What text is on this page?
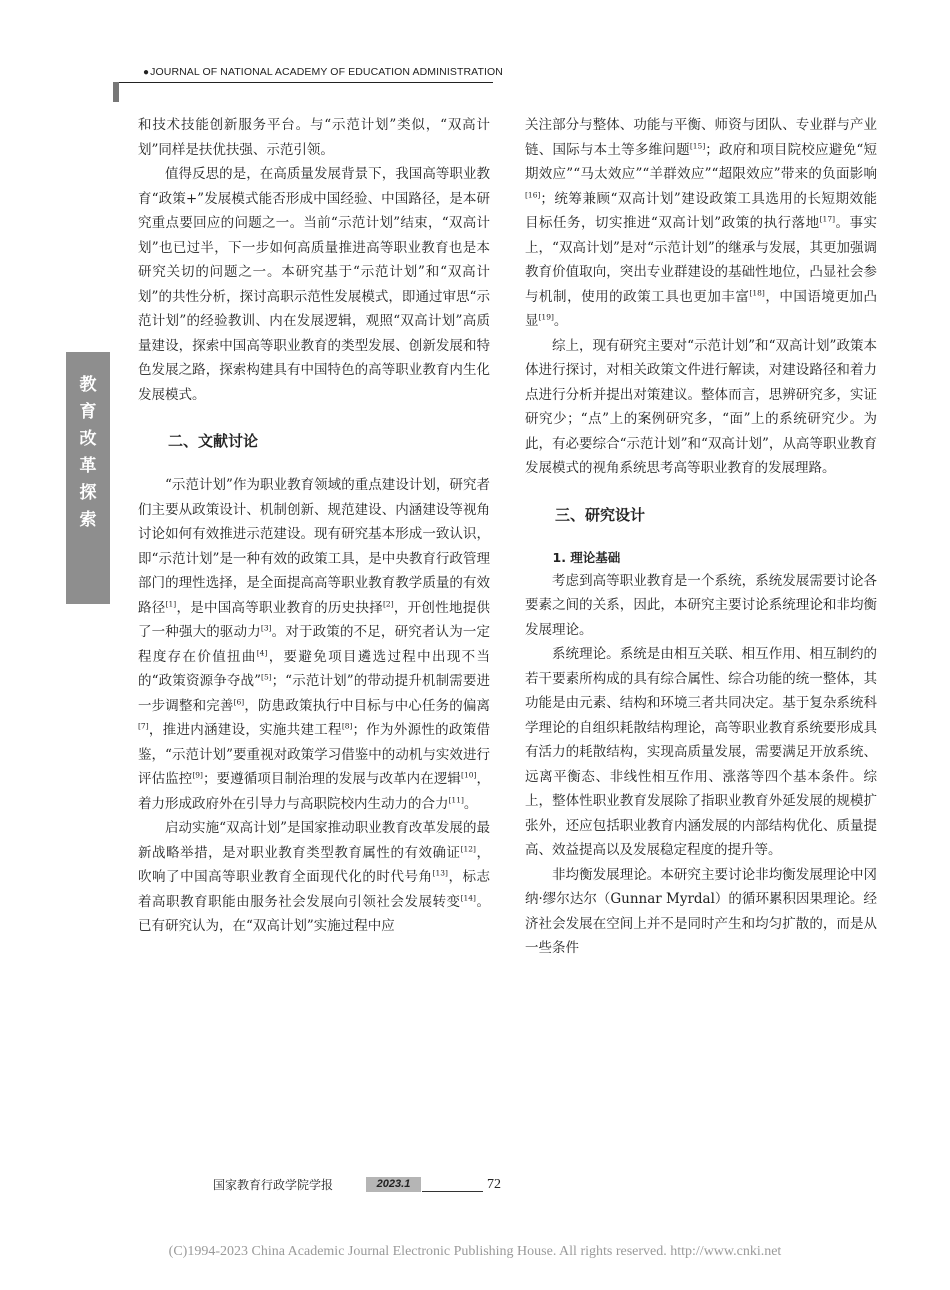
●JOURNAL OF NATIONAL ACADEMY OF EDUCATION ADMINISTRATION
教
育
改
革
探
索

和技术技能创新服务平台。与“示范计划”类似，“双高计划”同样是扶优扶强、示范引领。

值得反思的是，在高质量发展背景下，我国高等职业教育“政策+”发展模式能否形成中国经验、中国路径，是本研究重点要回应的问题之一。当前“示范计划”结束，“双高计划”也已过半，下一步如何高质量推进高等职业教育也是本研究关切的问题之一。本研究基于“示范计划”和“双高计划”的共性分析，探讨高职示范性发展模式，即通过审思“示范计划”的经验教训、内在发展逻辑，观照“双高计划”高质量建设，探索中国高等职业教育的类型发展、创新发展和特色发展之路，探索构建具有中国特色的高等职业教育内生化发展模式。

二、文献讨论

“示范计划”作为职业教育领域的重点建设计划，研究者们主要从政策设计、机制创新、规范建设、内涵建设等视角讨论如何有效推进示范建设。现有研究基本形成一致认识，即“示范计划”是一种有效的政策工具，是中央教育行政管理部门的理性选择，是全面提高高等职业教育教学质量的有效路径[1]，是中国高等职业教育的历史抉择[2]，开创性地提供了一种强大的驱动力[3]。对于政策的不足，研究者认为一定程度存在价值扭曲[4]，要避免项目遴选过程中出现不当的“政策资源争夺战”[5]；“示范计划”的带动提升机制需要进一步调整和完善[6]，防患政策执行中目标与中心任务的偏离[7]，推进内涵建设，实施共建工程[8]；作为外源性的政策借鉴，“示范计划”要重视对政策学习借鉴中的动机与实效进行评估监控[9]；要遵循项目制治理的发展与改革内在逻辑[10]，着力形成政府外在引导力与高职院校内生动力的合力[11]。

启动实施“双高计划”是国家推动职业教育改革发展的最新战略举措，是对职业教育类型教育属性的有效确证[12]，吹响了中国高等职业教育全面现代化的时代号角[13]，标志着高职教育职能由服务社会发展向引领社会发展转变[14]。已有研究认为，在“双高计划”实施过程中应

关注部分与整体、功能与平衡、师资与团队、专业群与产业链、国际与本土等多维问题[15]；政府和项目院校应避免“短期效应”“马太效应”“羊群效应”“超限效应”带来的负面影响[16]；统筹兼顾“双高计划”建设政策工具选用的长短期效能目标任务，切实推进“双高计划”政策的执行落地[17]。事实上，“双高计划”是对“示范计划”的继承与发展，其更加强调教育价值取向，突出专业群建设的基础性地位，凸显社会参与机制，使用的政策工具也更加丰富[18]，中国语境更加凸显[19]。

综上，现有研究主要对“示范计划”和“双高计划”政策本体进行探讨，对相关政策文件进行解读，对建设路径和着力点进行分析并提出对策建议。整体而言，思辨研究多，实证研究少；“点”上的案例研究多，“面”上的系统研究少。为此，有必要综合“示范计划”和“双高计划”，从高等职业教育发展模式的视角系统思考高等职业教育的发展理路。

三、研究设计
1. 理论基础

考虑到高等职业教育是一个系统，系统发展需要讨论各要素之间的关系，因此，本研究主要讨论系统理论和非均衡发展理论。

系统理论。系统是由相互关联、相互作用、相互制约的若干要素所构成的具有综合属性、综合功能的统一整体，其功能是由元素、结构和环境三者共同决定。基于复杂系统科学理论的自组织耗散结构理论，高等职业教育系统要形成具有活力的耗散结构，实现高质量发展，需要满足开放系统、远离平衡态、非线性相互作用、涨落等四个基本条件。综上，整体性职业教育发展除了指职业教育外延发展的规模扩张外，还应包括职业教育内涵发展的内部结构优化、质量提高、效益提高以及发展稳定程度的提升等。

非均衡发展理论。本研究主要讨论非均衡发展理论中冈纳·缪尔达尔（Gunnar Myrdal）的循环累积因果理论。经济社会发展在空间上并不是同时产生和均匀扩散的，而是从一些条件

国家教育行政学院学报	2023.1	72
(C)1994-2023 China Academic Journal Electronic Publishing House. All rights reserved. http://www.cnki.net
